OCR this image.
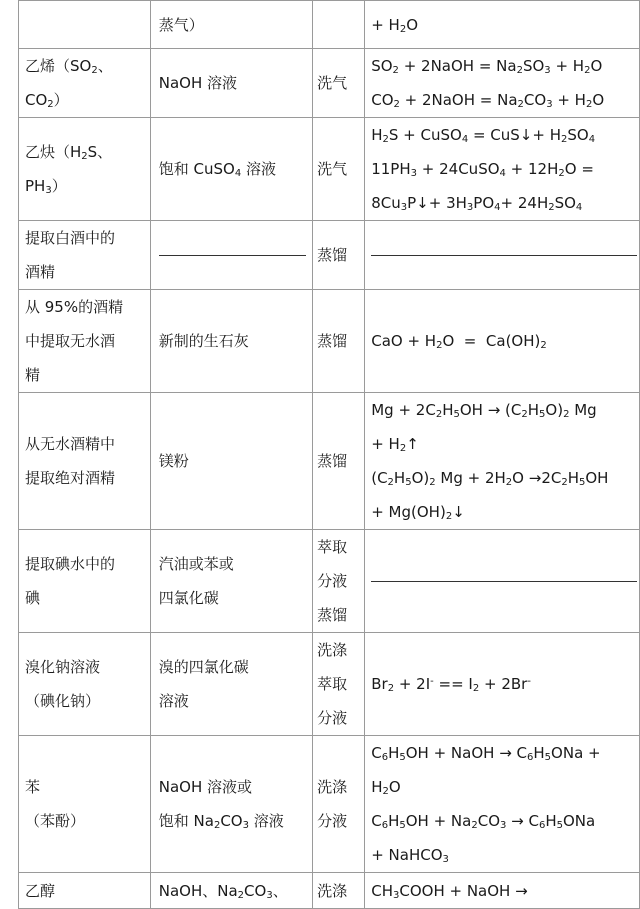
	蒸气）		+ $H_2O$

乙烯（$SO_2$、
$CO_2$）	NaOH 溶液	洗气	$SO_2$ + 2NaOH = $Na_2SO_3 + H_2O$
$CO_2$ + 2NaOH = $Na_2CO_3 + H_2O$

乙炔（$H_2S$、
$PH_3$）	饱和 CuSO$_4$ 溶液	洗气	$H_2S$ + CuSO$_4$ = CuS↓+ $H_2SO_4$
$11PH_3$ + 24CuSO$_4$ + $12H_2O$ =
$8Cu_3P↓+ 3H_3PO_4+ 24H_2SO_4$

提取白酒中的
酒精		蒸馏	

从 95%的酒精
中提取无水酒
精	新制的生石灰	蒸馏	CaO + $H_2O = Ca(OH)_2$

从无水酒精中
提取绝对酒精	镁粉	蒸馏	$Mg + 2C_2H_5OH \to (C_2H_5O)_2$ Mg
+ $H_2↑$
$(C_2H_5O)_2$ $Mg + 2H_2O \to 2C_2H_5OH$
+ $Mg(OH)_2↓$

提取碘水中的
碘	汽油或苯或
四氯化碳	萃取
分液
蒸馏	

溴化钠溶液
（碘化钠）	溴的四氯化碳
溶液	洗涤
萃取
分液	$Br_2 + 2I^- == I_2 + 2Br^-$

苯
（苯酚）	NaOH 溶液或
饱和 $Na_2CO_3$ 溶液	洗涤
分液	$C_6H_5OH$ + NaOH → $C_6H_5ONa$ +
$H_2O$
$C_6H_5OH + Na_2CO_3 \to C_6H_5ONa$
+ NaHCO$_3$

乙醇	NaOH、$Na_2CO_3$、	洗涤	$CH_3COOH$ + NaOH →
